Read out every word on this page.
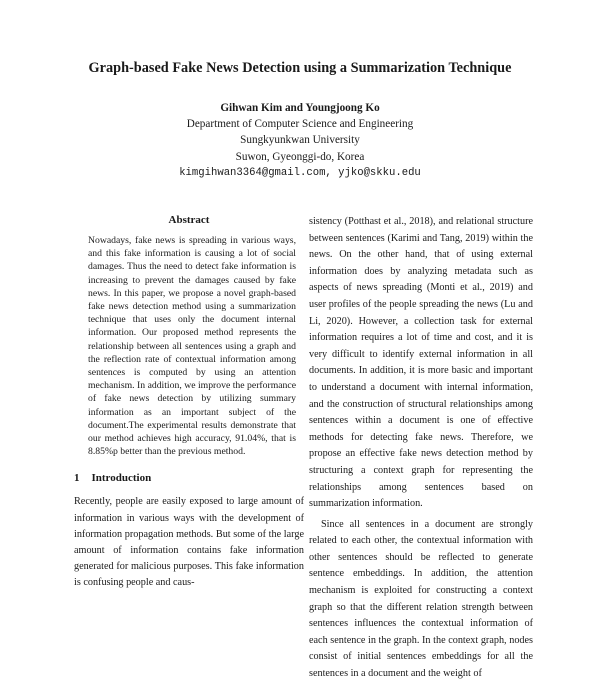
Graph-based Fake News Detection using a Summarization Technique
Gihwan Kim and Youngjoong Ko
Department of Computer Science and Engineering
Sungkyunkwan University
Suwon, Gyeonggi-do, Korea
kimgihwan3364@gmail.com, yjko@skku.edu
Abstract

Nowadays, fake news is spreading in various ways, and this fake information is causing a lot of social damages. Thus the need to detect fake information is increasing to prevent the damages caused by fake news. In this paper, we propose a novel graph-based fake news detection method using a summarization technique that uses only the document internal information. Our proposed method represents the relationship between all sentences using a graph and the reflection rate of contextual information among sentences is computed by using an attention mechanism. In addition, we improve the performance of fake news detection by utilizing summary information as an important subject of the document.The experimental results demonstrate that our method achieves high accuracy, 91.04%, that is 8.85%p better than the previous method.

1 Introduction

Recently, people are easily exposed to large amount of information in various ways with the development of information propagation methods. But some of the large amount of information contains fake information generated for malicious purposes. This fake information is confusing people and caus-

sistency (Potthast et al., 2018), and relational structure between sentences (Karimi and Tang, 2019) within the news. On the other hand, that of using external information does by analyzing metadata such as aspects of news spreading (Monti et al., 2019) and user profiles of the people spreading the news (Lu and Li, 2020). However, a collection task for external information requires a lot of time and cost, and it is very difficult to identify external information in all documents. In addition, it is more basic and important to understand a document with internal information, and the construction of structural relationships among sentences within a document is one of effective methods for detecting fake news. Therefore, we propose an effective fake news detection method by structuring a context graph for representing the relationships among sentences based on summarization information.

Since all sentences in a document are strongly related to each other, the contextual information with other sentences should be reflected to generate sentence embeddings. In addition, the attention mechanism is exploited for constructing a context graph so that the different relation strength between sentences influences the contextual information of each sentence in the graph. In the context graph, nodes consist of initial sentences embeddings for all the sentences in a document and the weight of
